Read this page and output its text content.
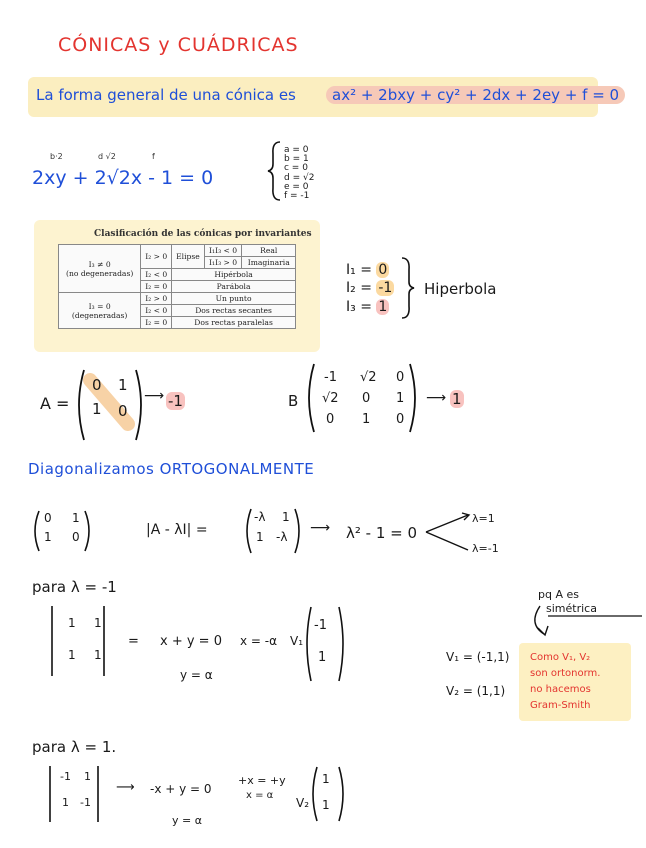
CÓNICAS y CUÁDRICAS
La forma general de una cónica es	ax² + 2bxy + cy² + 2dx + 2ey + f = 0
b·2	d √2	f
2xy + 2√2x - 1 = 0
a = 0
b = 1
c = 0
d = √2
e = 0
f = -1
Clasificación de las cónicas por invariantes
I₃ ≠ 0
(no degeneradas)	I₂ > 0	Elipse	I₁I₃ < 0	Real
			I₁I₃ > 0	Imaginaria
	I₂ < 0	Hipérbola		
	I₂ = 0	Parábola		
I₃ = 0
(degeneradas)	I₂ > 0	Un punto		
	I₂ < 0	Dos rectas secantes		
	I₂ = 0	Dos rectas paralelas		
I₁ = 0
I₂ = -1
I₃ = 1
Hiperbola
A =
0 1
1 0
⟶ -1	B
-1 √2 0
√2 0 1
0 1 0
⟶ 1
Diagonalizamos ORTOGONALMENTE
0 1
1 0	|A - λI| =
-λ 1
1 -λ
⟶ λ² - 1 = 0
λ=1
λ=-1
para λ = -1
1 1
1 1
= x + y = 0
y = α
x = -α V₁
-1
1
pq A es
simétrica
V₁ = (-1,1)
V₂ = (1,1)
Como V₁, V₂
son ortonorm.
no hacemos
Gram-Smith
para λ = 1.
-1 1
1 -1
⟶ -x + y = 0
y = α
+x = +y
x = α
V₂
1
1
